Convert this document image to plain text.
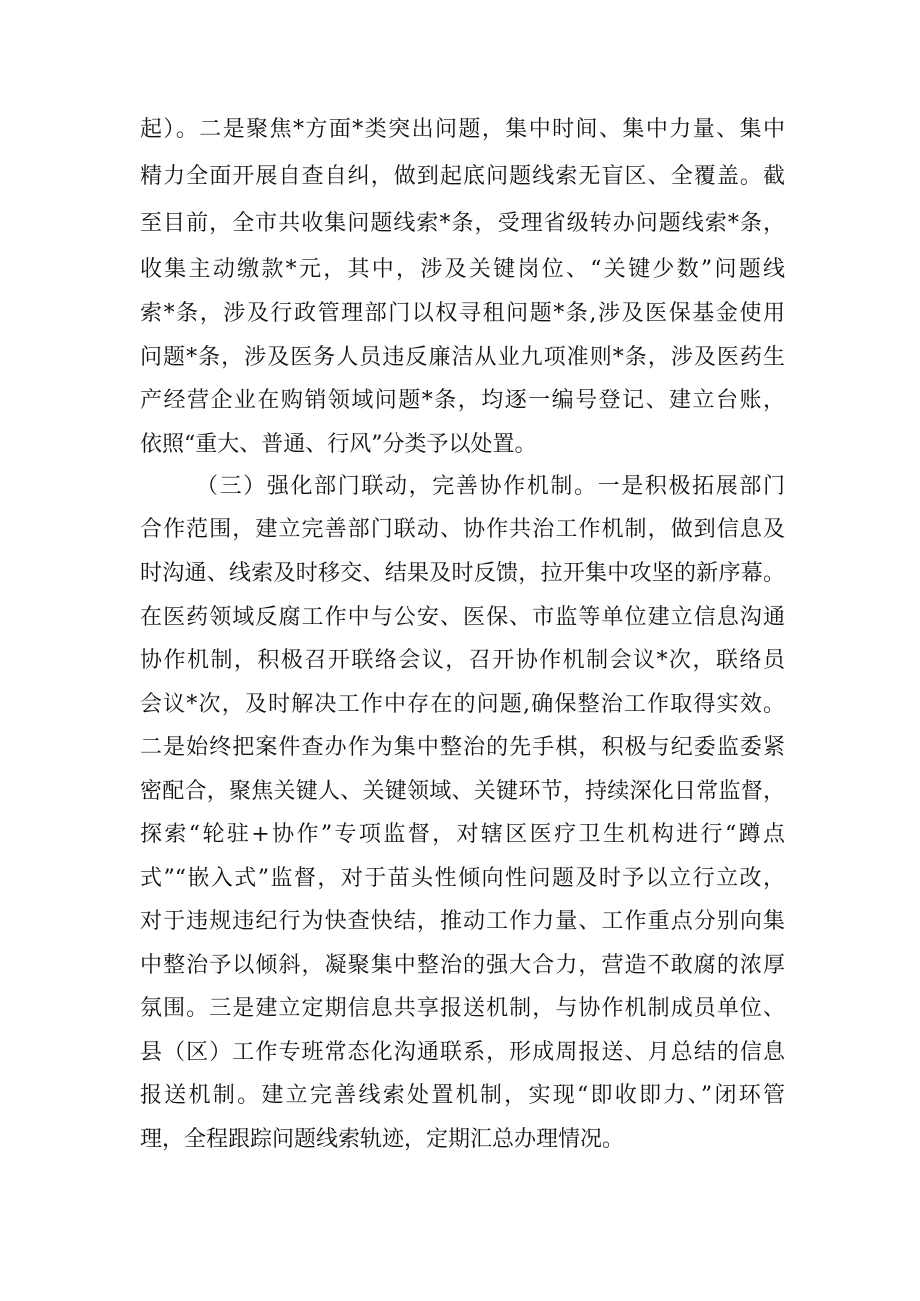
起）。二是聚焦*方面*类突出问题，集中时间、集中力量、集中
精力全面开展自查自纠，做到起底问题线索无盲区、全覆盖。截
至目前，全市共收集问题线索*条，受理省级转办问题线索*条，
收集主动缴款*元，其中，涉及关键岗位、“关键少数”问题线
索*条，涉及行政管理部门以权寻租问题*条,涉及医保基金使用
问题*条，涉及医务人员违反廉洁从业九项准则*条，涉及医药生
产经营企业在购销领域问题*条，均逐一编号登记、建立台账，
依照“重大、普通、行风”分类予以处置。
（三）强化部门联动，完善协作机制。一是积极拓展部门
合作范围，建立完善部门联动、协作共治工作机制，做到信息及
时沟通、线索及时移交、结果及时反馈，拉开集中攻坚的新序幕。
在医药领域反腐工作中与公安、医保、市监等单位建立信息沟通
协作机制，积极召开联络会议，召开协作机制会议*次，联络员
会议*次，及时解决工作中存在的问题,确保整治工作取得实效。
二是始终把案件查办作为集中整治的先手棋，积极与纪委监委紧
密配合，聚焦关键人、关键领域、关键环节，持续深化日常监督，
探索“轮驻+协作”专项监督，对辖区医疗卫生机构进行“蹲点
式”“嵌入式”监督，对于苗头性倾向性问题及时予以立行立改，
对于违规违纪行为快查快结，推动工作力量、工作重点分别向集
中整治予以倾斜，凝聚集中整治的强大合力，营造不敢腐的浓厚
氛围。三是建立定期信息共享报送机制，与协作机制成员单位、
县（区）工作专班常态化沟通联系，形成周报送、月总结的信息
报送机制。建立完善线索处置机制，实现“即收即力、”闭环管
理，全程跟踪问题线索轨迹，定期汇总办理情况。
